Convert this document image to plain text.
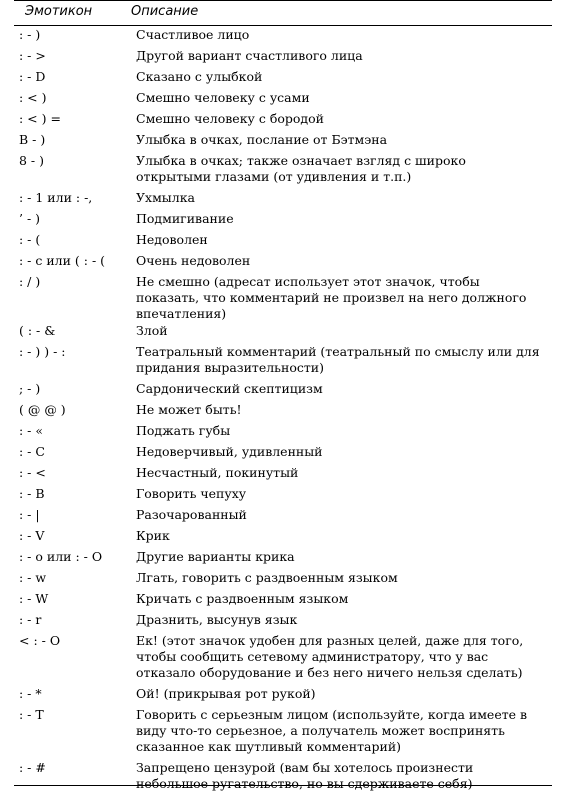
Эмотикон	Описание
: - )	Счастливое лицо
: - >	Другой вариант счастливого лица
: - D	Сказано с улыбкой
: < )	Смешно человеку с усами
: < ) =	Смешно человеку с бородой
B - )	Улыбка в очках, послание от Бэтмэна
8 - )	Улыбка в очках; также означает взгляд с широко открытыми глазами (от удивления и т.п.)
: - 1 или : -,	Ухмылка
’ - )	Подмигивание
: - (	Недоволен
: - c или ( : - (	Очень недоволен
: / )	Не смешно (адресат использует этот значок, чтобы показать, что комментарий не произвел на него должного впечатления)
( : - &	Злой
: - ) ) - :	Театральный комментарий (театральный по смыслу или для придания выразительности)
; - )	Сардонический скептицизм
( @ @ )	Не может быть!
: - «	Поджать губы
: - C	Недоверчивый, удивленный
: - <	Несчастный, покинутый
: - B	Говорить чепуху
: - |	Разочарованный
: - V	Крик
: - o или : - O	Другие варианты крика
: - w	Лгать, говорить с раздвоенным языком
: - W	Кричать с раздвоенным языком
: - r	Дразнить, высунув язык
< : - O	Ек! (этот значок удобен для разных целей, даже для того, чтобы сообщить сетевому администратору, что у вас отказало оборудование и без него ничего нельзя сделать)
: - *	Ой! (прикрывая рот рукой)
: - T	Говорить с серьезным лицом (используйте, когда имеете в виду что-то серьезное, а получатель может воспринять сказанное как шутливый комментарий)
: - #	Запрещено цензурой (вам бы хотелось произнести небольшое ругательство, но вы сдерживаете себя)
